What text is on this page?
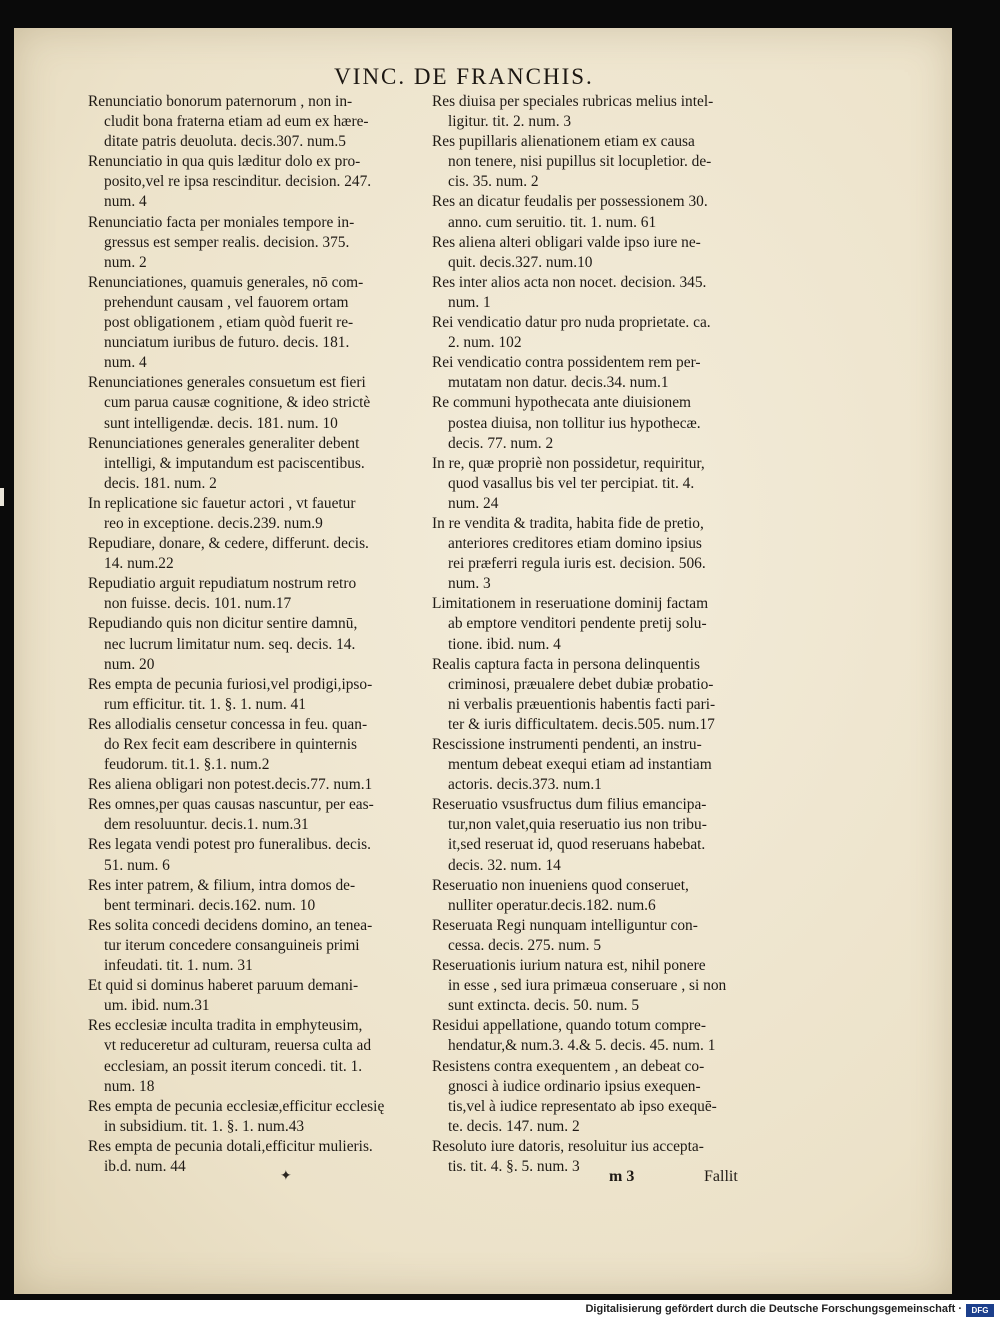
VINC. DE FRANCHIS.
Renunciatio bonorum paternorum , non in-
cludit bona fraterna etiam ad eum ex hære-
ditate patris deuoluta. decis.307. num.5
Renunciatio in qua quis læditur dolo ex pro-
posito,vel re ipsa rescinditur. decision. 247.
num. 4
Renunciatio facta per moniales tempore in-
gressus est semper realis. decision. 375.
num. 2
Renunciationes, quamuis generales, nō com-
prehendunt causam , vel fauorem ortam
post obligationem , etiam quòd fuerit re-
nunciatum iuribus de futuro. decis. 181.
num. 4
Renunciationes generales consuetum est fieri
cum parua causæ cognitione, & ideo strictè
sunt intelligendæ. decis. 181. num. 10
Renunciationes generales generaliter debent
intelligi, & imputandum est paciscentibus.
decis. 181. num. 2
In replicatione sic fauetur actori , vt fauetur
reo in exceptione. decis.239. num.9
Repudiare, donare, & cedere, differunt. decis.
14. num.22
Repudiatio arguit repudiatum nostrum retro
non fuisse. decis. 101. num.17
Repudiando quis non dicitur sentire damnū,
nec lucrum limitatur num. seq. decis. 14.
num. 20
Res empta de pecunia furiosi,vel prodigi,ipso-
rum efficitur. tit. 1. §. 1. num. 41
Res allodialis censetur concessa in feu. quan-
do Rex fecit eam describere in quinternis
feudorum. tit.1. §.1. num.2
Res aliena obligari non potest.decis.77. num.1
Res omnes,per quas causas nascuntur, per eas-
dem resoluuntur. decis.1. num.31
Res legata vendi potest pro funeralibus. decis.
51. num. 6
Res inter patrem, & filium, intra domos de-
bent terminari. decis.162. num. 10
Res solita concedi decidens domino, an tenea-
tur iterum concedere consanguineis primi
infeudati. tit. 1. num. 31
Et quid si dominus haberet paruum demani-
um. ibid. num.31
Res ecclesiæ inculta tradita in emphyteusim,
vt reduceretur ad culturam, reuersa culta ad
ecclesiam, an possit iterum concedi. tit. 1.
num. 18
Res empta de pecunia ecclesiæ,efficitur ecclesię
in subsidium. tit. 1. §. 1. num.43
Res empta de pecunia dotali,efficitur mulieris.
ib.d. num. 44
Res diuisa per speciales rubricas melius intel-
ligitur. tit. 2. num. 3
Res pupillaris alienationem etiam ex causa
non tenere, nisi pupillus sit locupletior. de-
cis. 35. num. 2
Res an dicatur feudalis per possessionem 30.
anno. cum seruitio. tit. 1. num. 61
Res aliena alteri obligari valde ipso iure ne-
quit. decis.327. num.10
Res inter alios acta non nocet. decision. 345.
num. 1
Rei vendicatio datur pro nuda proprietate. ca.
2. num. 102
Rei vendicatio contra possidentem rem per-
mutatam non datur. decis.34. num.1
Re communi hypothecata ante diuisionem
postea diuisa, non tollitur ius hypothecæ.
decis. 77. num. 2
In re, quæ propriè non possidetur, requiritur,
quod vasallus bis vel ter percipiat. tit. 4.
num. 24
In re vendita & tradita, habita fide de pretio,
anteriores creditores etiam domino ipsius
rei præferri regula iuris est. decision. 506.
num. 3
Limitationem in reseruatione dominij factam
ab emptore venditori pendente pretij solu-
tione. ibid. num. 4
Realis captura facta in persona delinquentis
criminosi, præualere debet dubiæ probatio-
ni verbalis præuentionis habentis facti pari-
ter & iuris difficultatem. decis.505. num.17
Rescissione instrumenti pendenti, an instru-
mentum debeat exequi etiam ad instantiam
actoris. decis.373. num.1
Reseruatio vsusfructus dum filius emancipa-
tur,non valet,quia reseruatio ius non tribu-
it,sed reseruat id, quod reseruans habebat.
decis. 32. num. 14
Reseruatio non inueniens quod conseruet,
nulliter operatur.decis.182. num.6
Reseruata Regi nunquam intelliguntur con-
cessa. decis. 275. num. 5
Reseruationis iurium natura est, nihil ponere
in esse , sed iura primæua conseruare , si non
sunt extincta. decis. 50. num. 5
Residui appellatione, quando totum compre-
hendatur,& num.3. 4.& 5. decis. 45. num. 1
Resistens contra exequentem , an debeat co-
gnosci à iudice ordinario ipsius exequen-
tis,vel à iudice representato ab ipso exequē-
te. decis. 147. num. 2
Resoluto iure datoris, resoluitur ius accepta-
tis. tit. 4. §. 5. num. 3
✦	m 3	Fallit
Digitalisierung gefördert durch die Deutsche Forschungsgemeinschaft ·	DFG
